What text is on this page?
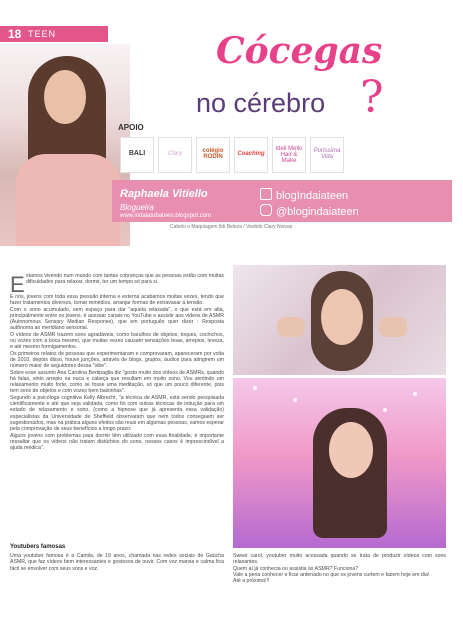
18 TEEN	Cócegas
no cérebro ?
APOIO
BALI	Clary	colégio RODIN	Coaching
Ideli Mello Hair & Make
Puríssima Vida
Raphaela Vitiello
Blogueira
www.indaiatubateen.blogspot.com
blogIndaiateen
@blogindaiateen
Cabelo e Maquiagem Ildi Beleza / Vestido Clary Noivas
E stamos vivendo num mundo com tantas cobranças que as pessoas estão com muitas dificuldades para relaxar, dormir, ter um tempo só para si.

E nós, jovens com toda essa pressão interna e externa acabamos muitas vezes, tendo que fazer tratamentos diversos, tomar remédios, arranjar formas de extravasar a tensão.

Com o sono acumulado, sem espaço para dar "aquela relaxada", o que está em alta, principalmente entre os jovens, é acessar canais no YouTube e assistir aos vídeos de ASMR (Autonomous Sensory Median Response), que em português quer dizer : Resposta autônoma ao meridiano sensorial.

O vídeos de ASMR trazem sons agradáveis, como barulhos de objetos, toques, cochichos, ou vozes com a boca mesmo, que muitas vezes causam sensações boas, arrepios, leveza, e até mesmo formigamentos.

Os primeiros relatos de pessoas que experimentaram e comprovaram, apareceram por volta de 2010, depois disso, houve junções, através de blogs, grupos, áudios para atingirem um número maior de seguidores dessa "vibe".

Sobre esse assunto Ana Carolina Bertipaglia diz "gosto muito dos vídeos de ASMRs, quando há falas, sinto arrepio na nuca e cabeça que resultam em muito sono. Vou sentindo um relaxamento muito forte, como se fosse uma meditação, só que um pouco diferente, pois tem sons de objetos e com vozes bem baixinhas".

Segundo a psicóloga cognitiva Kelly Albrecht, "a técnica de ASMR, está sendo pesquisada cientificamente e até que seja validada, como foi com outras técnicas de indução para um estado de relaxamento e sono, (como a hipnose que já apresenta essa validação) especialistas da Universidade de Sheffield observaram que nem todos conseguem ser sugestionados, mas na prática alguns efeitos são reais em algumas pessoas, vamos esperar pela comprovação de seus benefícios a longo prazo.

Alguns jovens com problemas para dormir têm utilizado com essa finalidade, é importante ressaltar que os vídeos não tratam distúrbios do sono, nesses casos é imprescindível a ajuda médica".

Youtubers famosas

Uma youtuber famosa é a Camila, de 19 anos, chamada nas redes sociais de Gaúcha ASMR, que faz vídeos bem interessantes e gostosos de ouvir. Com voz mansa e calma fica fácil se envolver com seus sons e voz.

Sweet carol, youtuber muito acessada quando se trata de produzir vídeos com sons relaxantes.

Quem aí já conhecia ou assistia às ASMR? Funciona?

Vale a pena conhecer e ficar antenado no que os jovens curtem e fazem hoje em dia!

Até a próxima!!!
